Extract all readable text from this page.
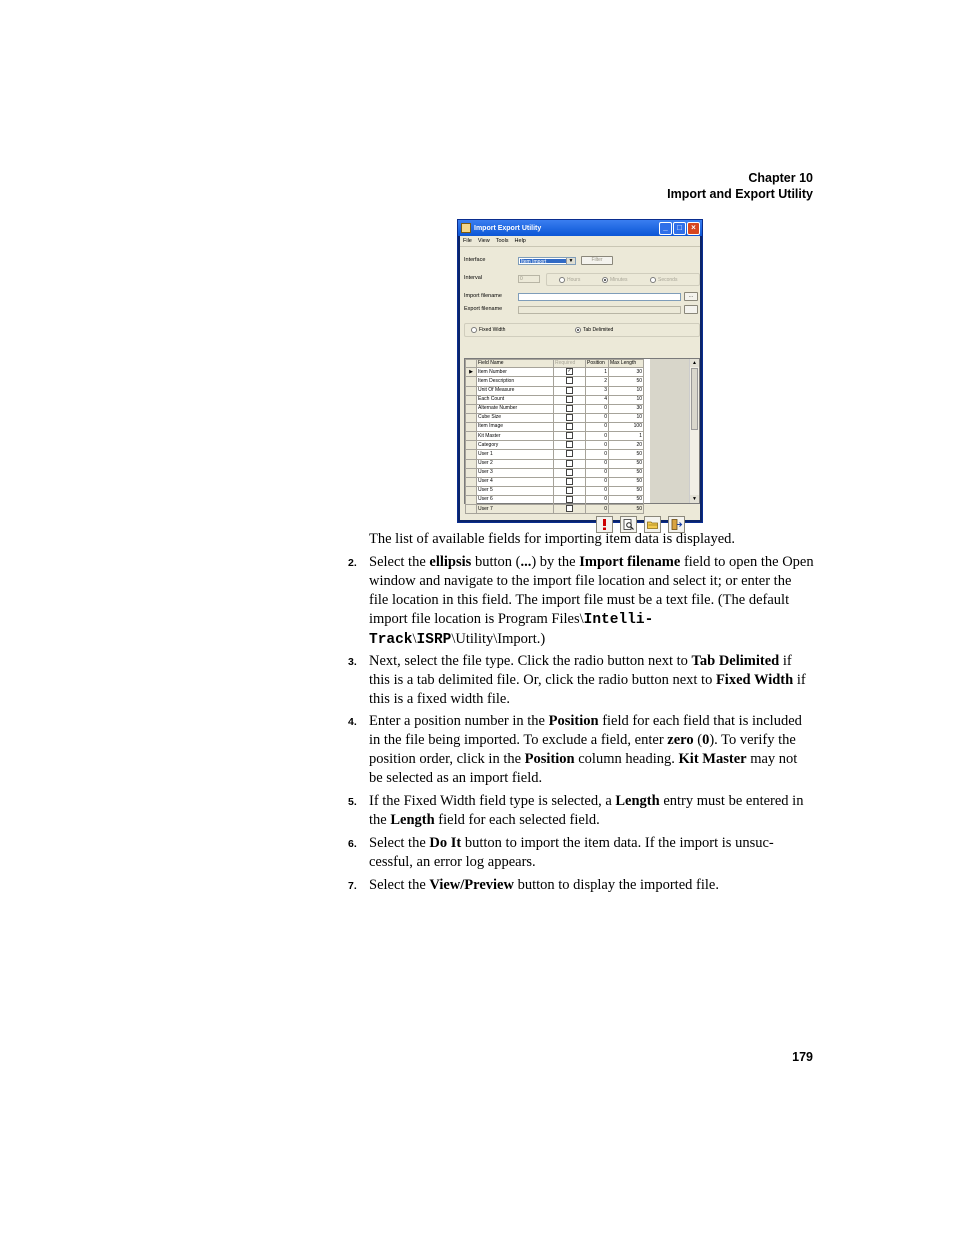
Chapter 10
Import and Export Utility
Import Export Utility	_	□	×
File View Tools Help
Interface	Item Import	▼	Filter
Interval	0	Hours	Minutes	Seconds
Import filename	...
Export filename
Fixed Width	Tab Delimited
	Field Name	Required	Position	Max Length
▶	Item Number	✓	1	30
	Item Description		2	50
	Unit Of Measure		3	10
	Each Count		4	10
	Alternate Number		0	30
	Cube Size		0	10
	Item Image		0	100
	Kit Master		0	1
	Category		0	20
	User 1		0	50
	User 2		0	50
	User 3		0	50
	User 4		0	50
	User 5		0	50
	User 6		0	50
	User 7		0	50
▲
▼
The list of available fields for importing item data is displayed.
2. Select the ellipsis button (...) by the Import filename field to open the Open window and navigate to the import file location and select it; or enter the file location in this field. The import file must be a text file. (The default import file location is Program Files\Intelli-Track\ISRP\Utility\Import.)
3. Next, select the file type. Click the radio button next to Tab Delimited if this is a tab delimited file. Or, click the radio button next to Fixed Width if this is a fixed width file.
4. Enter a position number in the Position field for each field that is included in the file being imported. To exclude a field, enter zero (0). To verify the position order, click in the Position column heading. Kit Master may not be selected as an import field.
5. If the Fixed Width field type is selected, a Length entry must be entered in the Length field for each selected field.
6. Select the Do It button to import the item data. If the import is unsuc-cessful, an error log appears.
7. Select the View/Preview button to display the imported file.
179
